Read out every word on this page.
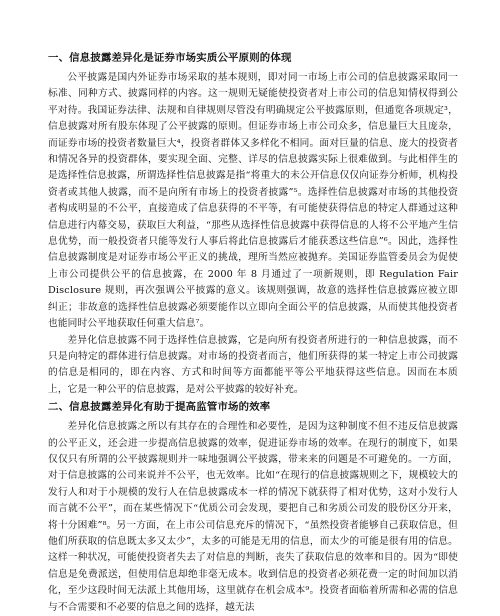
一、信息披露差异化是证券市场实质公平原则的体现

公平披露是国内外证券市场采取的基本规则，即对同一市场上市公司的信息披露采取同一标准、同种方式、披露同样的内容。这一规则无疑能使投资者对上市公司的信息知情权得到公平对待。我国证券法律、法规和自律规则尽管没有明确规定公平披露原则，但通览各项规定³，信息披露对所有股东体现了公平披露的原则。但证券市场上市公司众多，信息量巨大且庞杂，而证券市场的投资者数量巨大⁴，投资者群体又多样化不相同。面对巨量的信息、庞大的投资者和情况各异的投资群体，要实现全面、完整、详尽的信息披露实际上很难做到。与此相伴生的是选择性信息披露，所谓选择性信息披露是指“将重大的未公开信息仅仅向证券分析师，机构投资者或其他人披露，而不是向所有市场上的投资者披露”⁵。选择性信息披露对市场的其他投资者构成明显的不公平，直接造成了信息获得的不平等，有可能使获得信息的特定人群通过这种信息进行内幕交易，获取巨大利益，“那些从选择性信息披露中获得信息的人将不公平地产生信息优势，而一般投资者只能等发行人事后将此信息披露后才能获悉这些信息”⁶。因此，选择性信息披露制度是对证券市场公平正义的挑战，理所当然应被抛弃。美国证券监管委员会为促使上市公司提供公平的信息披露，在 2000 年 8 月通过了一项新规则，即 Regulation Fair Disclosure 规则，再次强调公平披露的意义。该规则强调，故意的选择性信息披露应被立即纠正；非故意的选择性信息披露必须要能作以立即向全面公平的信息披露，从而使其他投资者也能同时公平地获取任何重大信息⁷。

差异化信息披露不同于选择性信息披露，它是向所有投资者所进行的一种信息披露，而不只是向特定的群体进行信息披露。对市场的投资者而言，他们所获得的某一特定上市公司披露的信息是相同的，即在内容、方式和时间等方面都能平等公平地获得这些信息。因而在本质上，它是一种公平的信息披露，是对公平披露的较好补充。

二、信息披露差异化有助于提高监管市场的效率

差异化信息披露之所以有其存在的合理性和必要性，是因为这种制度不但不违反信息披露的公平正义，还会进一步提高信息披露的效率，促进证券市场的效率。在现行的制度下，如果仅仅只有所谓的公平披露规则并一味地强调公平披露，带来来的问题是不可避免的。一方面，对于信息披露的公司来说并不公平，也无效率。比如“在现行的信息披露规则之下，规模较大的发行人和对于小规模的发行人在信息披露成本一样的情况下就获得了相对优势，这对小发行人而言就不公平”，而在某些情况下“优质公司会发现，要把自己和劣质公司发的股份区分开来，将十分困难”⁸。另一方面，在上市公司信息充斥的情况下，“虽然投资者能够自己获取信息，但他们所获取的信息既太多又太少”，太多的可能是无用的信息，而太少的可能是很有用的信息。这样一种状况，可能使投资者失去了对信息的判断，丧失了获取信息的效率和目的。因为“即使信息是免费派送，但使用信息却绝非毫无成本。收到信息的投资者必须花费一定的时间加以消化，至少这段时间无法派上其他用场，这里就存在机会成本⁹。投资者面临着所需和必需的信息与不合需要和不必要的信息之间的选择，越无法
